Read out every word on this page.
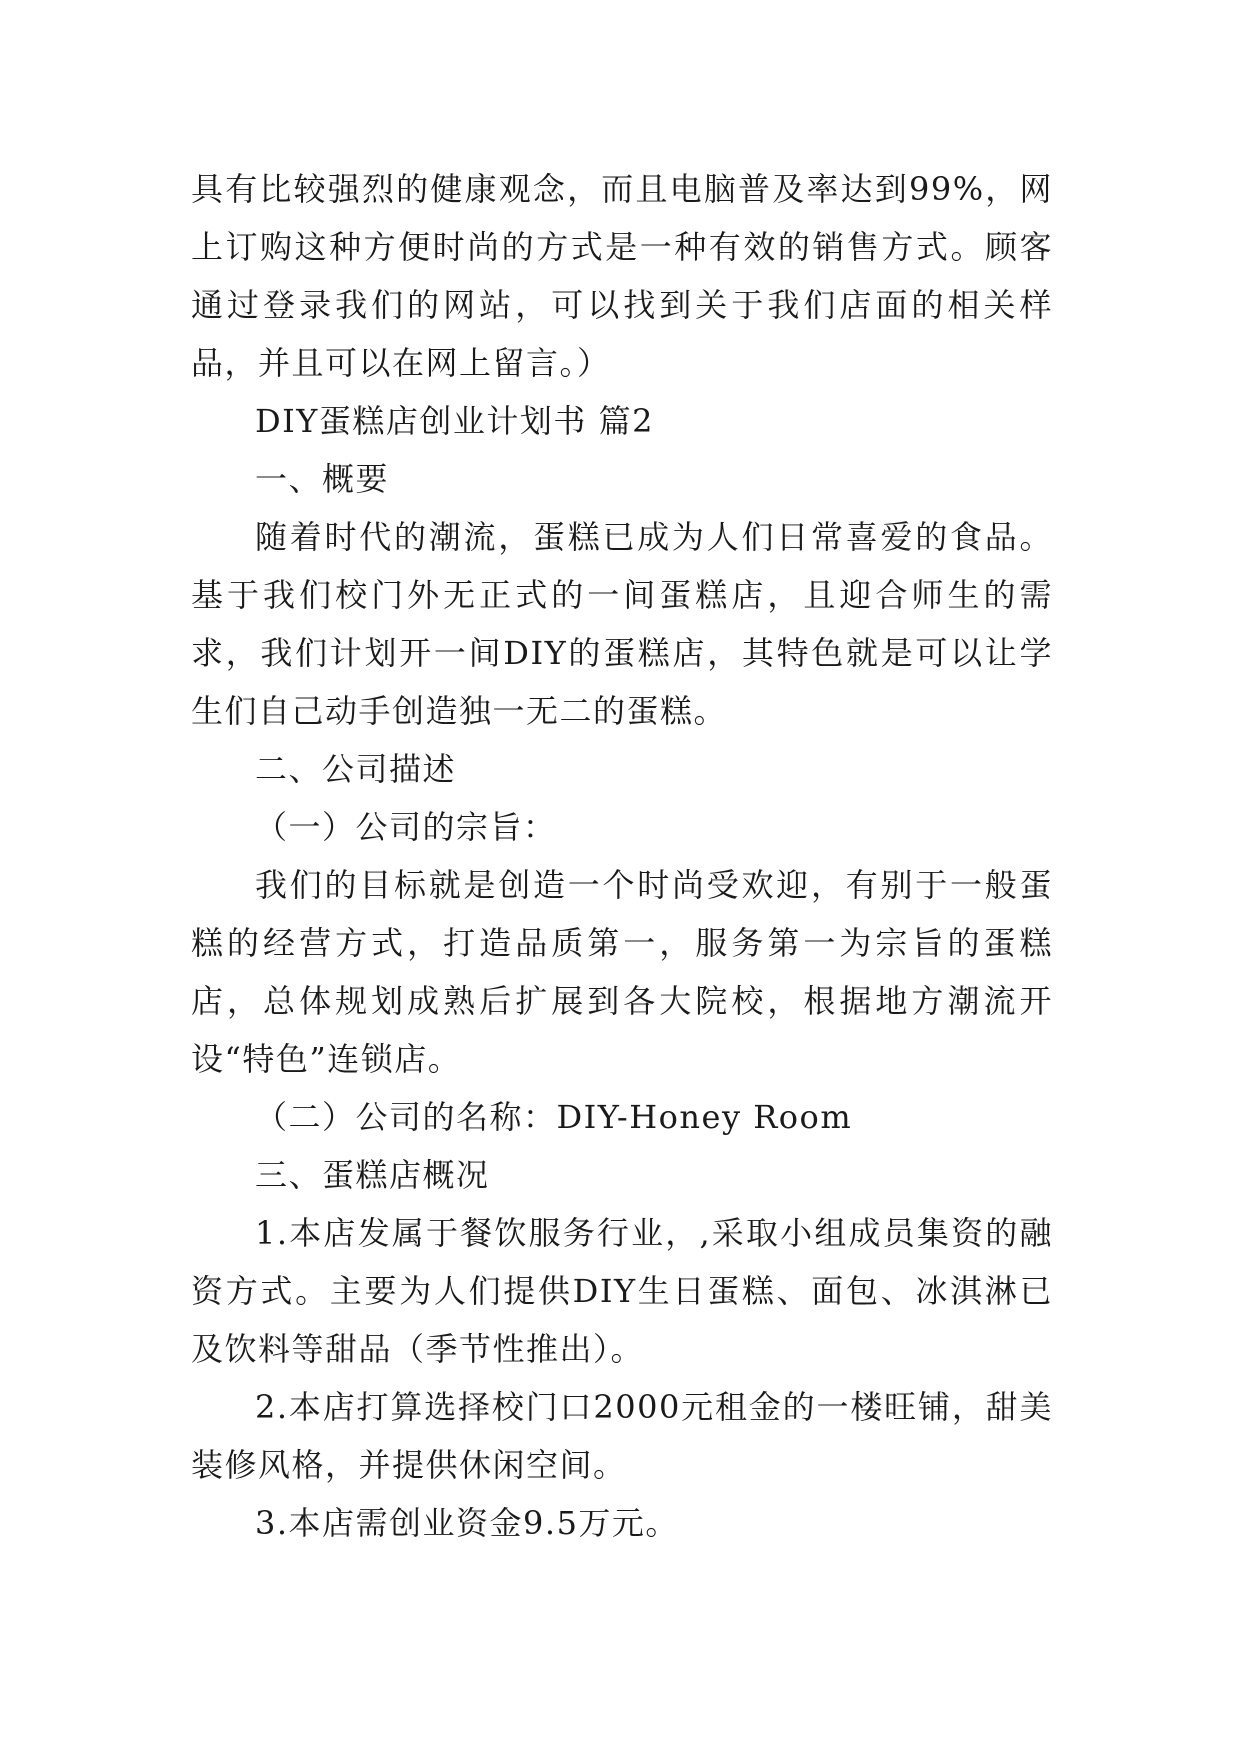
具有比较强烈的健康观念，而且电脑普及率达到99%，网上订购这种方便时尚的方式是一种有效的销售方式。顾客通过登录我们的网站，可以找到关于我们店面的相关样品，并且可以在网上留言。）

DIY蛋糕店创业计划书 篇2

一、概要

随着时代的潮流，蛋糕已成为人们日常喜爱的食品。基于我们校门外无正式的一间蛋糕店，且迎合师生的需求，我们计划开一间DIY的蛋糕店，其特色就是可以让学生们自己动手创造独一无二的蛋糕。

二、公司描述

（一）公司的宗旨：

我们的目标就是创造一个时尚受欢迎，有别于一般蛋糕的经营方式，打造品质第一，服务第一为宗旨的蛋糕店，总体规划成熟后扩展到各大院校，根据地方潮流开设“特色”连锁店。

（二）公司的名称：DIY-Honey Room

三、蛋糕店概况

1.本店发属于餐饮服务行业，,采取小组成员集资的融资方式。主要为人们提供DIY生日蛋糕、面包、冰淇淋已及饮料等甜品（季节性推出）。

2.本店打算选择校门口2000元租金的一楼旺铺，甜美装修风格，并提供休闲空间。

3.本店需创业资金9.5万元。
